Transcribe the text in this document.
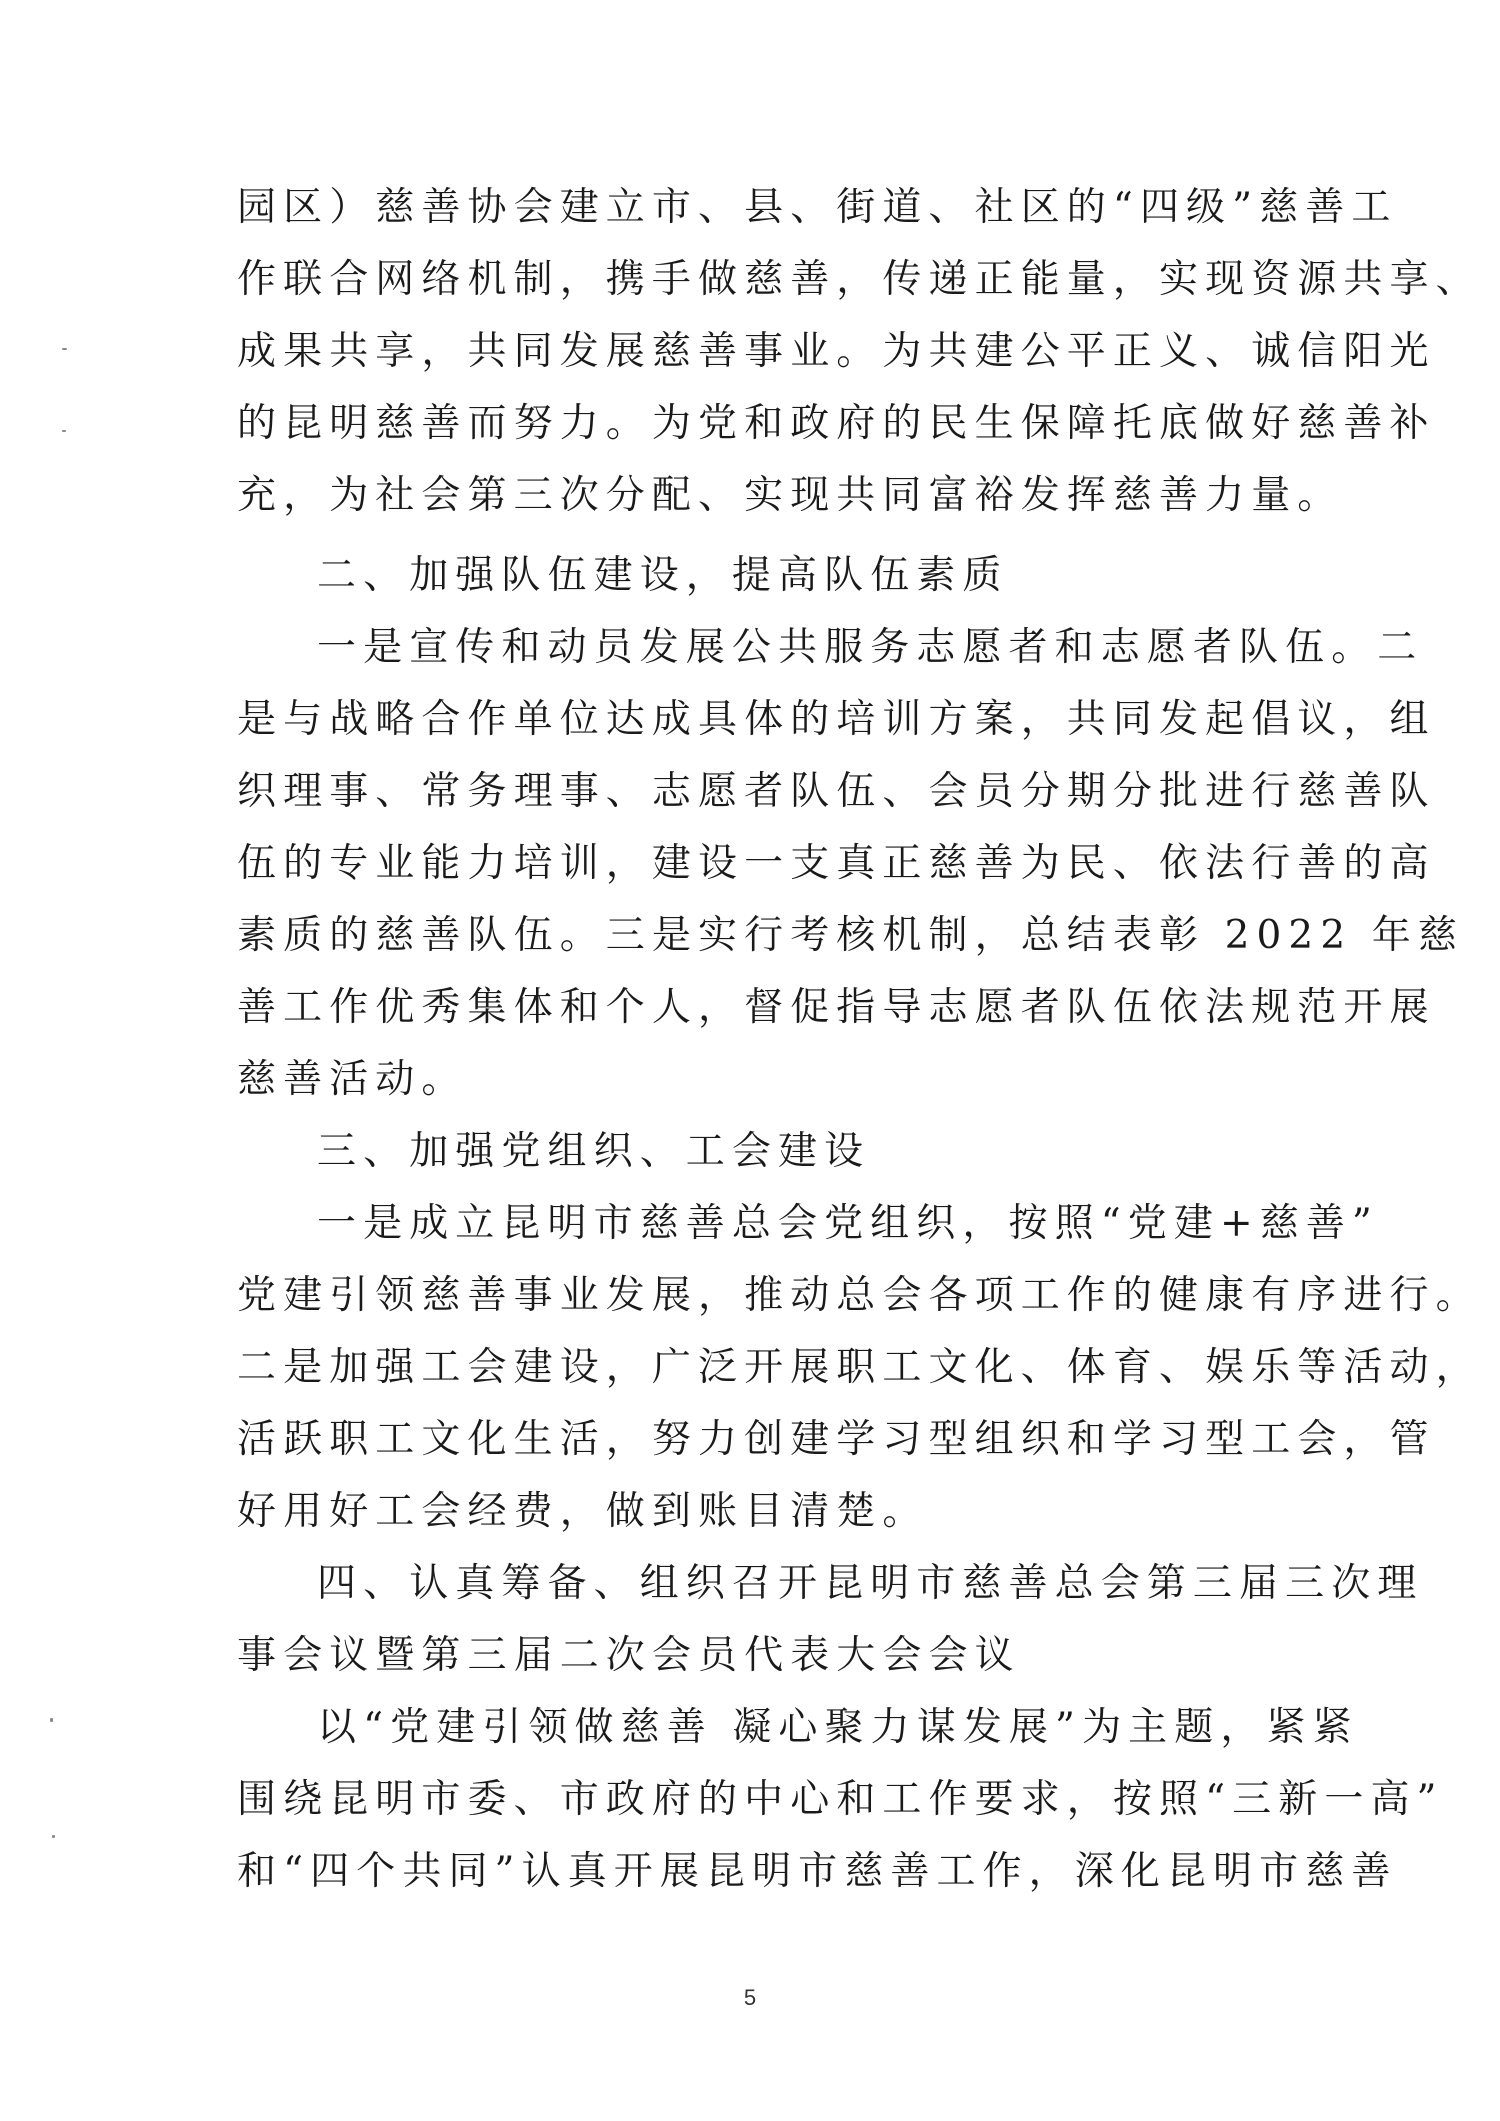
园区）慈善协会建立市、县、街道、社区的“四级”慈善工
作联合网络机制，携手做慈善，传递正能量，实现资源共享、
成果共享，共同发展慈善事业。为共建公平正义、诚信阳光
的昆明慈善而努力。为党和政府的民生保障托底做好慈善补
充，为社会第三次分配、实现共同富裕发挥慈善力量。
二、加强队伍建设，提高队伍素质
一是宣传和动员发展公共服务志愿者和志愿者队伍。二
是与战略合作单位达成具体的培训方案，共同发起倡议，组
织理事、常务理事、志愿者队伍、会员分期分批进行慈善队
伍的专业能力培训，建设一支真正慈善为民、依法行善的高
素质的慈善队伍。三是实行考核机制，总结表彰 2022 年慈
善工作优秀集体和个人，督促指导志愿者队伍依法规范开展
慈善活动。
三、加强党组织、工会建设
一是成立昆明市慈善总会党组织，按照“党建+慈善”
党建引领慈善事业发展，推动总会各项工作的健康有序进行。
二是加强工会建设，广泛开展职工文化、体育、娱乐等活动，
活跃职工文化生活，努力创建学习型组织和学习型工会，管
好用好工会经费，做到账目清楚。
四、认真筹备、组织召开昆明市慈善总会第三届三次理
事会议暨第三届二次会员代表大会会议
以“党建引领做慈善 凝心聚力谋发展”为主题，紧紧
围绕昆明市委、市政府的中心和工作要求，按照“三新一高”
和“四个共同”认真开展昆明市慈善工作，深化昆明市慈善
5
